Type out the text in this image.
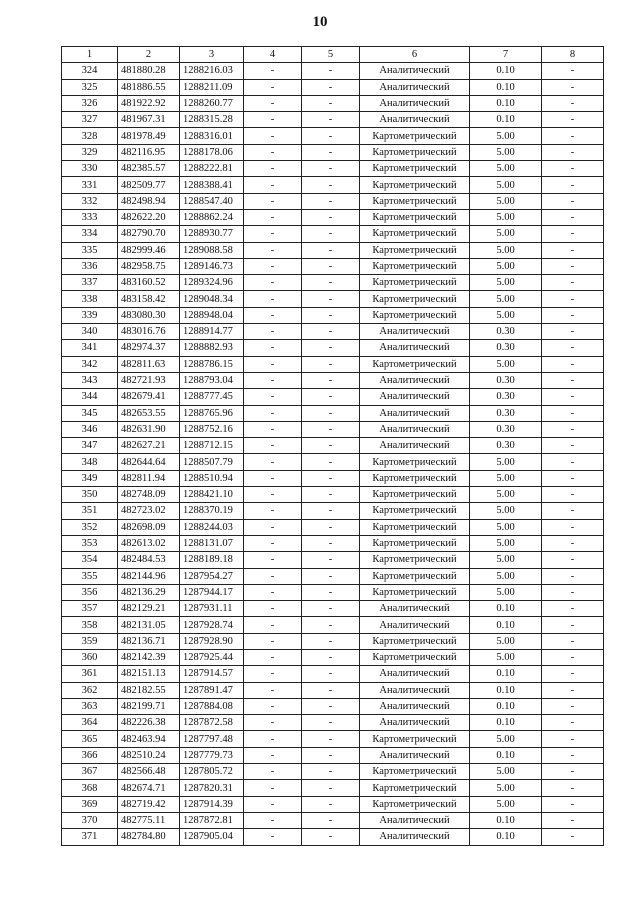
10
1	2	3	4	5	6	7	8
324	481880.28	1288216.03	-	-	Аналитический	0.10	-
325	481886.55	1288211.09	-	-	Аналитический	0.10	-
326	481922.92	1288260.77	-	-	Аналитический	0.10	-
327	481967.31	1288315.28	-	-	Аналитический	0.10	-
328	481978.49	1288316.01	-	-	Картометрический	5.00	-
329	482116.95	1288178.06	-	-	Картометрический	5.00	-
330	482385.57	1288222.81	-	-	Картометрический	5.00	-
331	482509.77	1288388.41	-	-	Картометрический	5.00	-
332	482498.94	1288547.40	-	-	Картометрический	5.00	-
333	482622.20	1288862.24	-	-	Картометрический	5.00	-
334	482790.70	1288930.77	-	-	Картометрический	5.00	-
335	482999.46	1289088.58	-	-	Картометрический	5.00	-
336	482958.75	1289146.73	-	-	Картометрический	5.00	-
337	483160.52	1289324.96	-	-	Картометрический	5.00	-
338	483158.42	1289048.34	-	-	Картометрический	5.00	-
339	483080.30	1288948.04	-	-	Картометрический	5.00	-
340	483016.76	1288914.77	-	-	Аналитический	0.30	-
341	482974.37	1288882.93	-	-	Аналитический	0.30	-
342	482811.63	1288786.15	-	-	Картометрический	5.00	-
343	482721.93	1288793.04	-	-	Аналитический	0.30	-
344	482679.41	1288777.45	-	-	Аналитический	0.30	-
345	482653.55	1288765.96	-	-	Аналитический	0.30	-
346	482631.90	1288752.16	-	-	Аналитический	0.30	-
347	482627.21	1288712.15	-	-	Аналитический	0.30	-
348	482644.64	1288507.79	-	-	Картометрический	5.00	-
349	482811.94	1288510.94	-	-	Картометрический	5.00	-
350	482748.09	1288421.10	-	-	Картометрический	5.00	-
351	482723.02	1288370.19	-	-	Картометрический	5.00	-
352	482698.09	1288244.03	-	-	Картометрический	5.00	-
353	482613.02	1288131.07	-	-	Картометрический	5.00	-
354	482484.53	1288189.18	-	-	Картометрический	5.00	-
355	482144.96	1287954.27	-	-	Картометрический	5.00	-
356	482136.29	1287944.17	-	-	Картометрический	5.00	-
357	482129.21	1287931.11	-	-	Аналитический	0.10	-
358	482131.05	1287928.74	-	-	Аналитический	0.10	-
359	482136.71	1287928.90	-	-	Картометрический	5.00	-
360	482142.39	1287925.44	-	-	Картометрический	5.00	-
361	482151.13	1287914.57	-	-	Аналитический	0.10	-
362	482182.55	1287891.47	-	-	Аналитический	0.10	-
363	482199.71	1287884.08	-	-	Аналитический	0.10	-
364	482226.38	1287872.58	-	-	Аналитический	0.10	-
365	482463.94	1287797.48	-	-	Картометрический	5.00	-
366	482510.24	1287779.73	-	-	Аналитический	0.10	-
367	482566.48	1287805.72	-	-	Картометрический	5.00	-
368	482674.71	1287820.31	-	-	Картометрический	5.00	-
369	482719.42	1287914.39	-	-	Картометрический	5.00	-
370	482775.11	1287872.81	-	-	Аналитический	0.10	-
371	482784.80	1287905.04	-	-	Аналитический	0.10	-
